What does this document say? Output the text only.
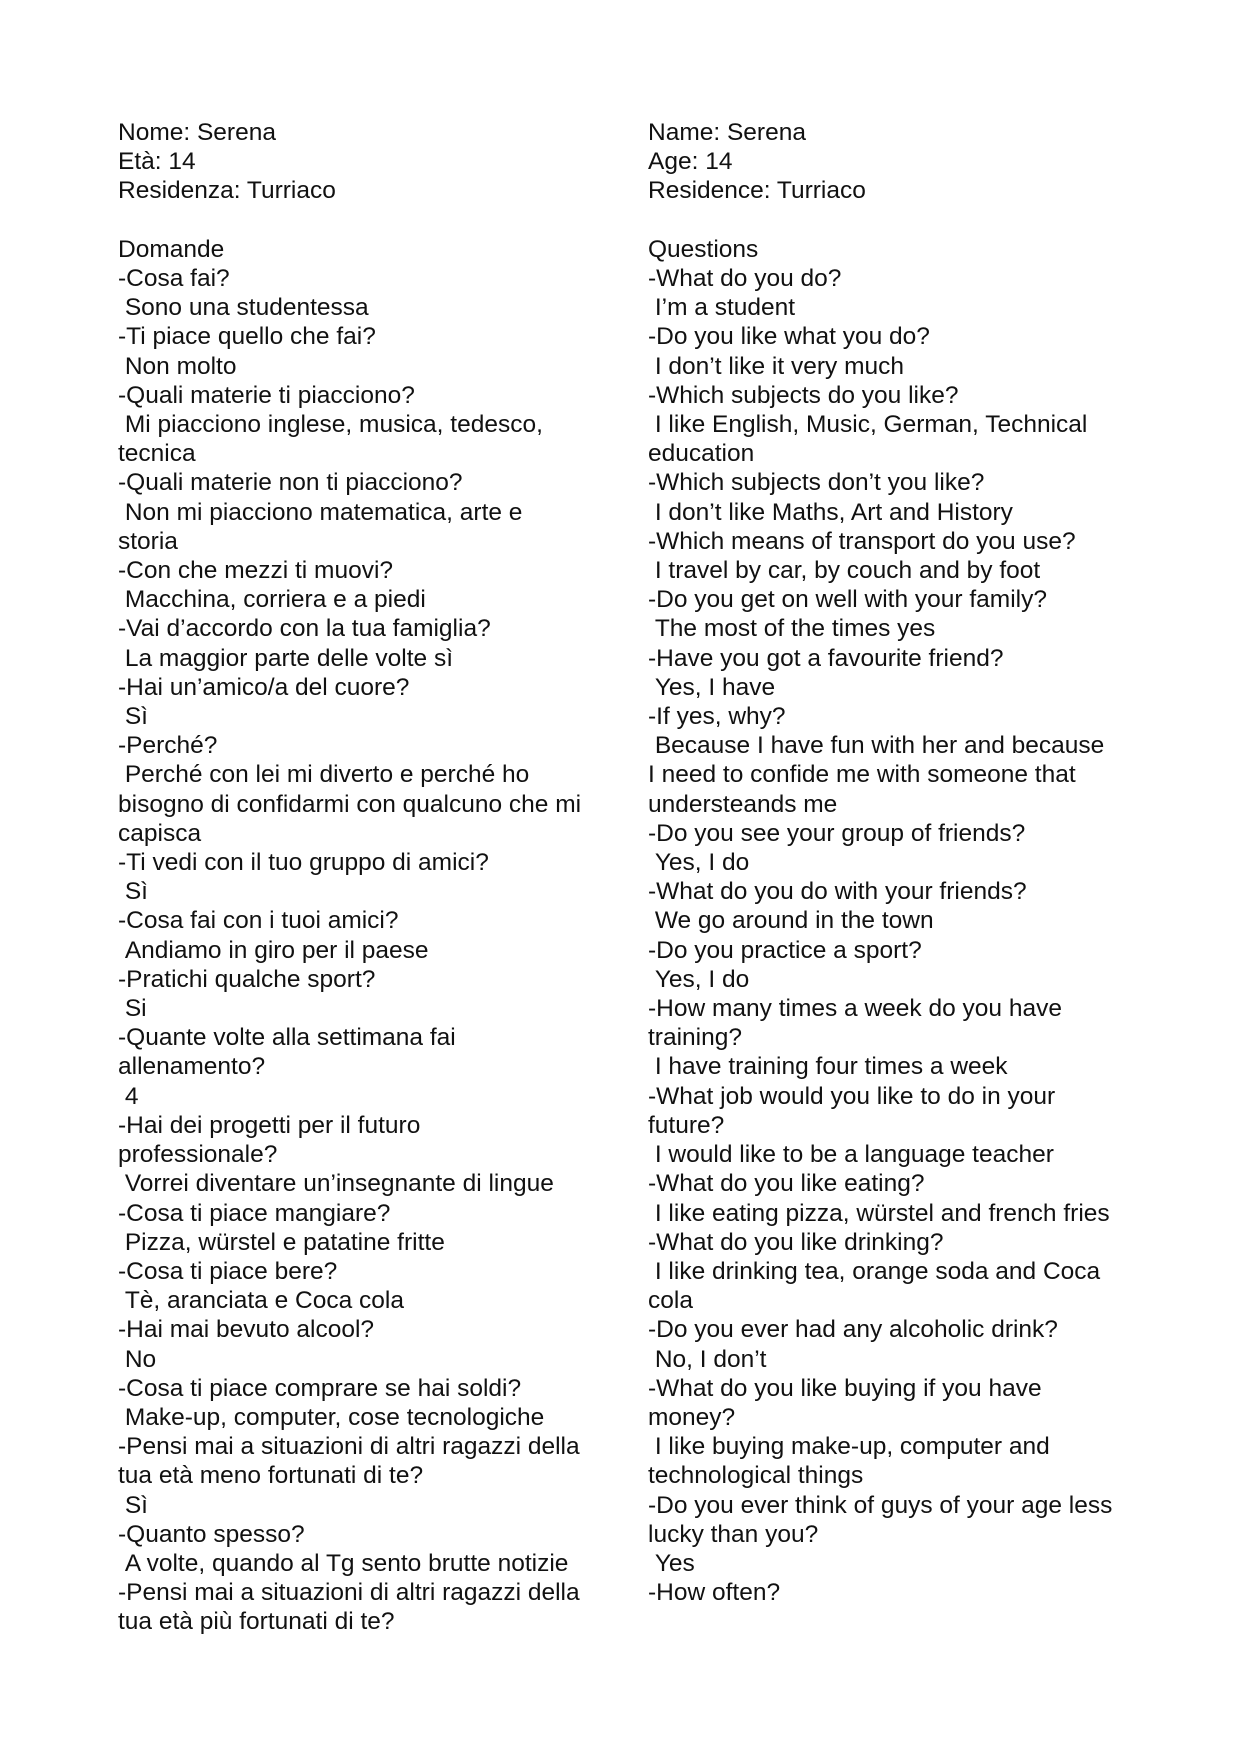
Nome: Serena
Età: 14
Residenza: Turriaco
Domande
-Cosa fai?
Sono una studentessa
-Ti piace quello che fai?
Non molto
-Quali materie ti piacciono?
Mi piacciono inglese, musica, tedesco,
tecnica
-Quali materie non ti piacciono?
Non mi piacciono matematica, arte e
storia
-Con che mezzi ti muovi?
Macchina, corriera e a piedi
-Vai d’accordo con la tua famiglia?
La maggior parte delle volte sì
-Hai un’amico/a del cuore?
Sì
-Perché?
Perché con lei mi diverto e perché ho
bisogno di confidarmi con qualcuno che mi
capisca
-Ti vedi con il tuo gruppo di amici?
Sì
-Cosa fai con i tuoi amici?
Andiamo in giro per il paese
-Pratichi qualche sport?
Si
-Quante volte alla settimana fai
allenamento?
4
-Hai dei progetti per il futuro
professionale?
Vorrei diventare un’insegnante di lingue
-Cosa ti piace mangiare?
Pizza, würstel e patatine fritte
-Cosa ti piace bere?
Tè, aranciata e Coca cola
-Hai mai bevuto alcool?
No
-Cosa ti piace comprare se hai soldi?
Make-up, computer, cose tecnologiche
-Pensi mai a situazioni di altri ragazzi della
tua età meno fortunati di te?
Sì
-Quanto spesso?
A volte, quando al Tg sento brutte notizie
-Pensi mai a situazioni di altri ragazzi della
tua età più fortunati di te?
Name: Serena
Age: 14
Residence: Turriaco
Questions
-What do you do?
I’m a student
-Do you like what you do?
I don’t like it very much
-Which subjects do you like?
I like English, Music, German, Technical
education
-Which subjects don’t you like?
I don’t like Maths, Art and History
-Which means of transport do you use?
I travel by car, by couch and by foot
-Do you get on well with your family?
The most of the times yes
-Have you got a favourite friend?
Yes, I have
-If yes, why?
Because I have fun with her and because
I need to confide me with someone that
understeands me
-Do you see your group of friends?
Yes, I do
-What do you do with your friends?
We go around in the town
-Do you practice a sport?
Yes, I do
-How many times a week do you have
training?
I have training four times a week
-What job would you like to do in your
future?
I would like to be a language teacher
-What do you like eating?
I like eating pizza, würstel and french fries
-What do you like drinking?
I like drinking tea, orange soda and Coca
cola
-Do you ever had any alcoholic drink?
No, I don’t
-What do you like buying if you have
money?
I like buying make-up, computer and
technological things
-Do you ever think of guys of your age less
lucky than you?
Yes
-How often?
